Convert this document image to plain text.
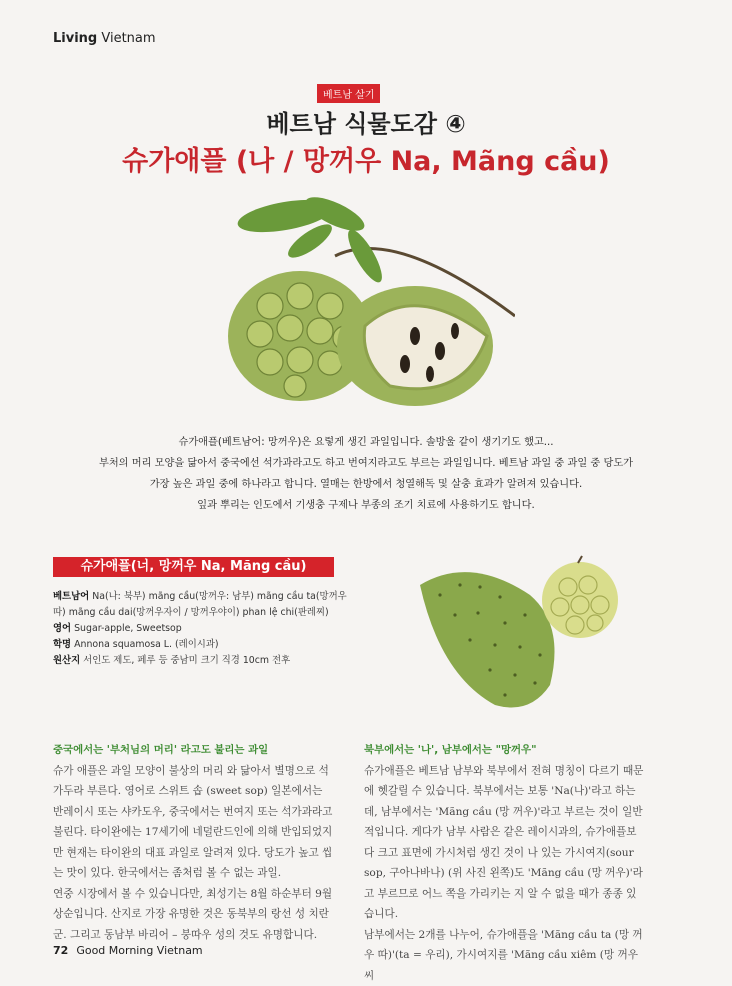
Living Vietnam
베트남 살기
베트남 식물도감 ④
슈가애플 (나 / 망꺼우 Na, Mãng cầu)
슈가애플(베트남어: 망꺼우)은 요렇게 생긴 과일입니다. 솔방울 같이 생기기도 했고...
부처의 머리 모양을 닮아서 중국에선 석가과라고도 하고 번여지라고도 부르는 과일입니다. 베트남 과일 중 과일 중 당도가
가장 높은 과일 중에 하나라고 합니다. 열매는 한방에서 청열해독 및 살충 효과가 알려져 있습니다.
잎과 뿌리는 인도에서 기생충 구제나 부종의 조기 치료에 사용하기도 합니다.
슈가애플(너, 망꺼우 Na, Mãng cầu)
베트남어 Na(나: 북부) mãng cầu(망꺼우: 남부) mãng cầu ta(망꺼우따) mãng cầu dai(망꺼우자이 / 망꺼우야이) phan lệ chi(판레찌)
영어 Sugar-apple, Sweetsop
학명 Annona squamosa L. (레이시과)
원산지 서인도 제도, 페루 등 중남미 크기 직경 10cm 전후
중국에서는 '부처님의 머리' 라고도 불리는 과일
슈가 애플은 과일 모양이 불상의 머리 와 닮아서 별명으로 석가두라 부른다. 영어로 스위트 솝 (sweet sop) 일본에서는 반레이시 또는 샤카도우, 중국에서는 번여지 또는 석가과라고 불린다. 타이완에는 17세기에 네덜란드인에 의해 반입되었지만 현재는 타이완의 대표 과일로 알려져 있다. 당도가 높고 씹는 맛이 있다. 한국에서는 좀처럼 볼 수 없는 과일.
연중 시장에서 볼 수 있습니다만, 최성기는 8월 하순부터 9월 상순입니다. 산지로 가장 유명한 것은 동북부의 랑선 성 치란 군. 그리고 동남부 바리어 – 붕따우 성의 것도 유명합니다.
북부에서는 '나', 남부에서는 "망꺼우"
슈가애플은 베트남 남부와 북부에서 전혀 명칭이 다르기 때문에 헷갈릴 수 있습니다. 북부에서는 보통 'Na(나)'라고 하는데, 남부에서는 'Mãng cầu (망 꺼우)'라고 부르는 것이 일반적입니다. 게다가 남부 사람은 같은 레이시과의, 슈가애플보다 크고 표면에 가시처럼 생긴 것이 나 있는 가시여지(sour sop, 구아나바나) (위 사진 왼쪽)도 'Mãng cầu (망 꺼우)'라고 부르므로 어느 쪽을 가리키는 지 알 수 없을 때가 종종 있습니다.
남부에서는 2개를 나누어, 슈가애플을 'Mãng cầu ta (망 꺼우 따)'(ta = 우리), 가시여지를 'Mãng cầu xiêm (망 꺼우 씨
72 Good Morning Vietnam
